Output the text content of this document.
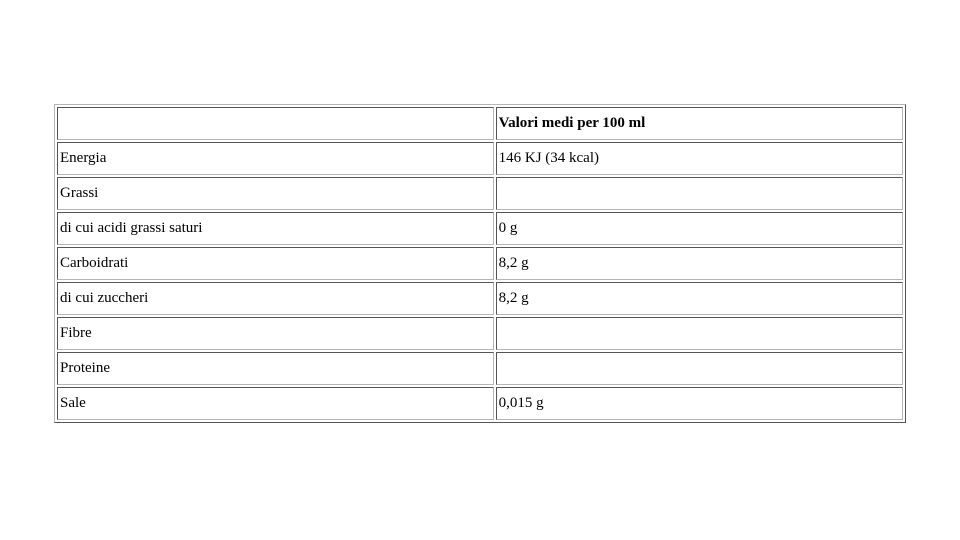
	Valori medi per 100 ml
Energia	146 KJ (34 kcal)
Grassi	
di cui acidi grassi saturi	0 g
Carboidrati	8,2 g
di cui zuccheri	8,2 g
Fibre	
Proteine	
Sale	0,015 g
